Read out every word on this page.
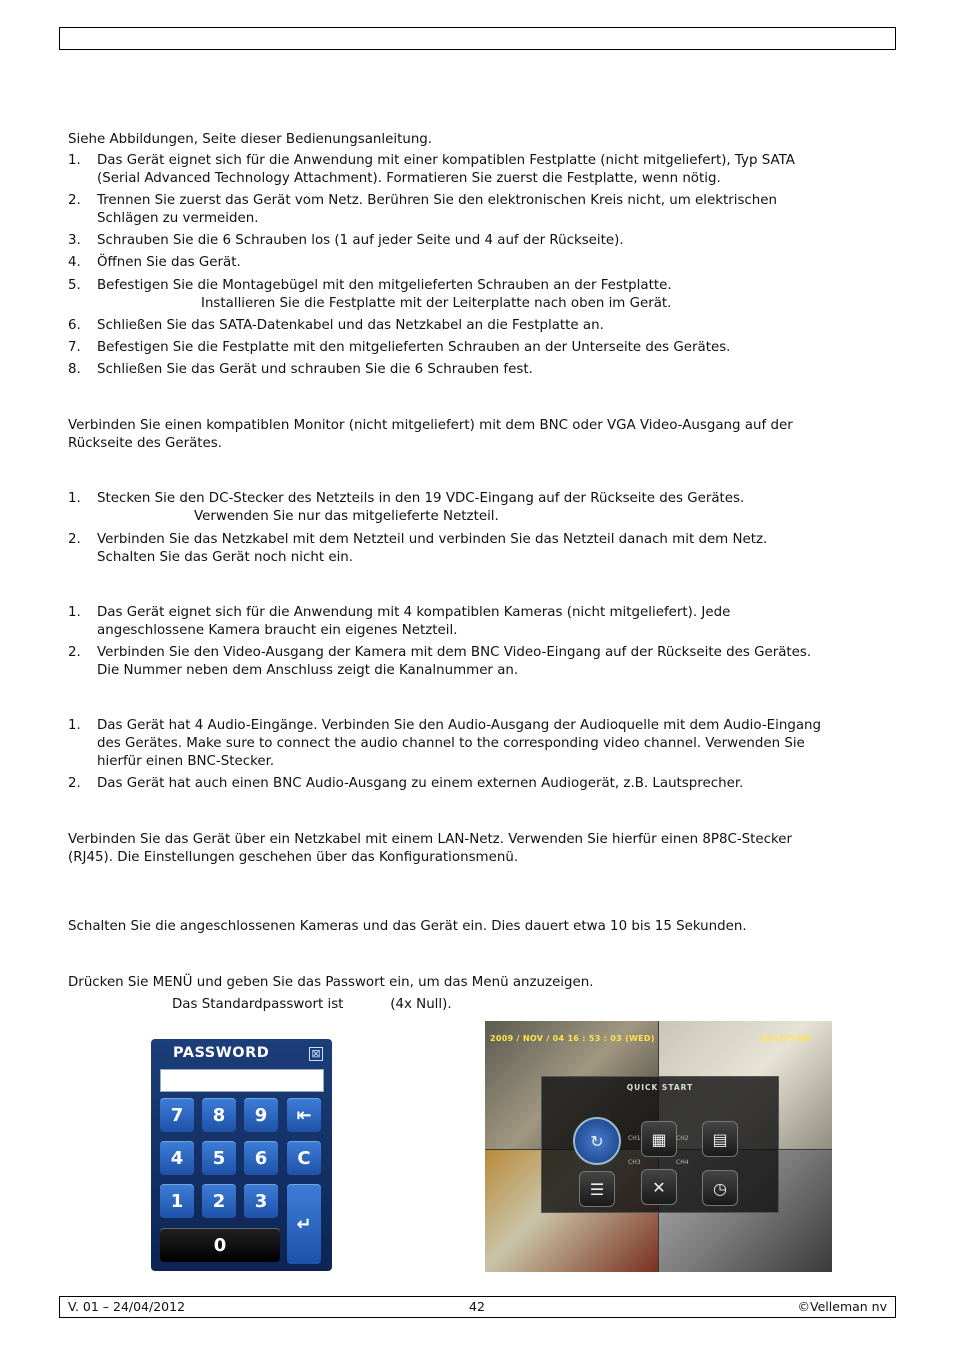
Siehe Abbildungen, Seite dieser Bedienungsanleitung.
1. Das Gerät eignet sich für die Anwendung mit einer kompatiblen Festplatte (nicht mitgeliefert), Typ SATA
(Serial Advanced Technology Attachment). Formatieren Sie zuerst die Festplatte, wenn nötig.
2. Trennen Sie zuerst das Gerät vom Netz. Berühren Sie den elektronischen Kreis nicht, um elektrischen
Schlägen zu vermeiden.
3. Schrauben Sie die 6 Schrauben los (1 auf jeder Seite und 4 auf der Rückseite).
4. Öffnen Sie das Gerät.
5. Befestigen Sie die Montagebügel mit den mitgelieferten Schrauben an der Festplatte.
Installieren Sie die Festplatte mit der Leiterplatte nach oben im Gerät.
6. Schließen Sie das SATA-Datenkabel und das Netzkabel an die Festplatte an.
7. Befestigen Sie die Festplatte mit den mitgelieferten Schrauben an der Unterseite des Gerätes.
8. Schließen Sie das Gerät und schrauben Sie die 6 Schrauben fest.
Verbinden Sie einen kompatiblen Monitor (nicht mitgeliefert) mit dem BNC oder VGA Video-Ausgang auf der
Rückseite des Gerätes.
1. Stecken Sie den DC-Stecker des Netzteils in den 19 VDC-Eingang auf der Rückseite des Gerätes.
Verwenden Sie nur das mitgelieferte Netzteil.
2. Verbinden Sie das Netzkabel mit dem Netzteil und verbinden Sie das Netzteil danach mit dem Netz.
Schalten Sie das Gerät noch nicht ein.
1. Das Gerät eignet sich für die Anwendung mit 4 kompatiblen Kameras (nicht mitgeliefert). Jede
angeschlossene Kamera braucht ein eigenes Netzteil.
2. Verbinden Sie den Video-Ausgang der Kamera mit dem BNC Video-Eingang auf der Rückseite des Gerätes.
Die Nummer neben dem Anschluss zeigt die Kanalnummer an.
1. Das Gerät hat 4 Audio-Eingänge. Verbinden Sie den Audio-Ausgang der Audioquelle mit dem Audio-Eingang
des Gerätes. Make sure to connect the audio channel to the corresponding video channel. Verwenden Sie
hierfür einen BNC-Stecker.
2. Das Gerät hat auch einen BNC Audio-Ausgang zu einem externen Audiogerät, z.B. Lautsprecher.
Verbinden Sie das Gerät über ein Netzkabel mit einem LAN-Netz. Verwenden Sie hierfür einen 8P8C-Stecker
(RJ45). Die Einstellungen geschehen über das Konfigurationsmenü.
Schalten Sie die angeschlossenen Kameras und das Gerät ein. Dies dauert etwa 10 bis 15 Sekunden.
Drücken Sie MENÜ und geben Sie das Passwort ein, um das Menü anzuzeigen.
Das Standardpasswort ist           (4x Null).
PASSWORD	⊠
7	8	9	⇤
4	5	6	C
1	2	3
↵
0
2009 / NOV / 04 16 : 53 : 03 (WED)	116.275 GB
QUICK START
↻	▦	▤
☰	✕	◷
CH1	CH2
CH3	CH4
V. 01 – 24/04/2012	42	©Velleman nv
